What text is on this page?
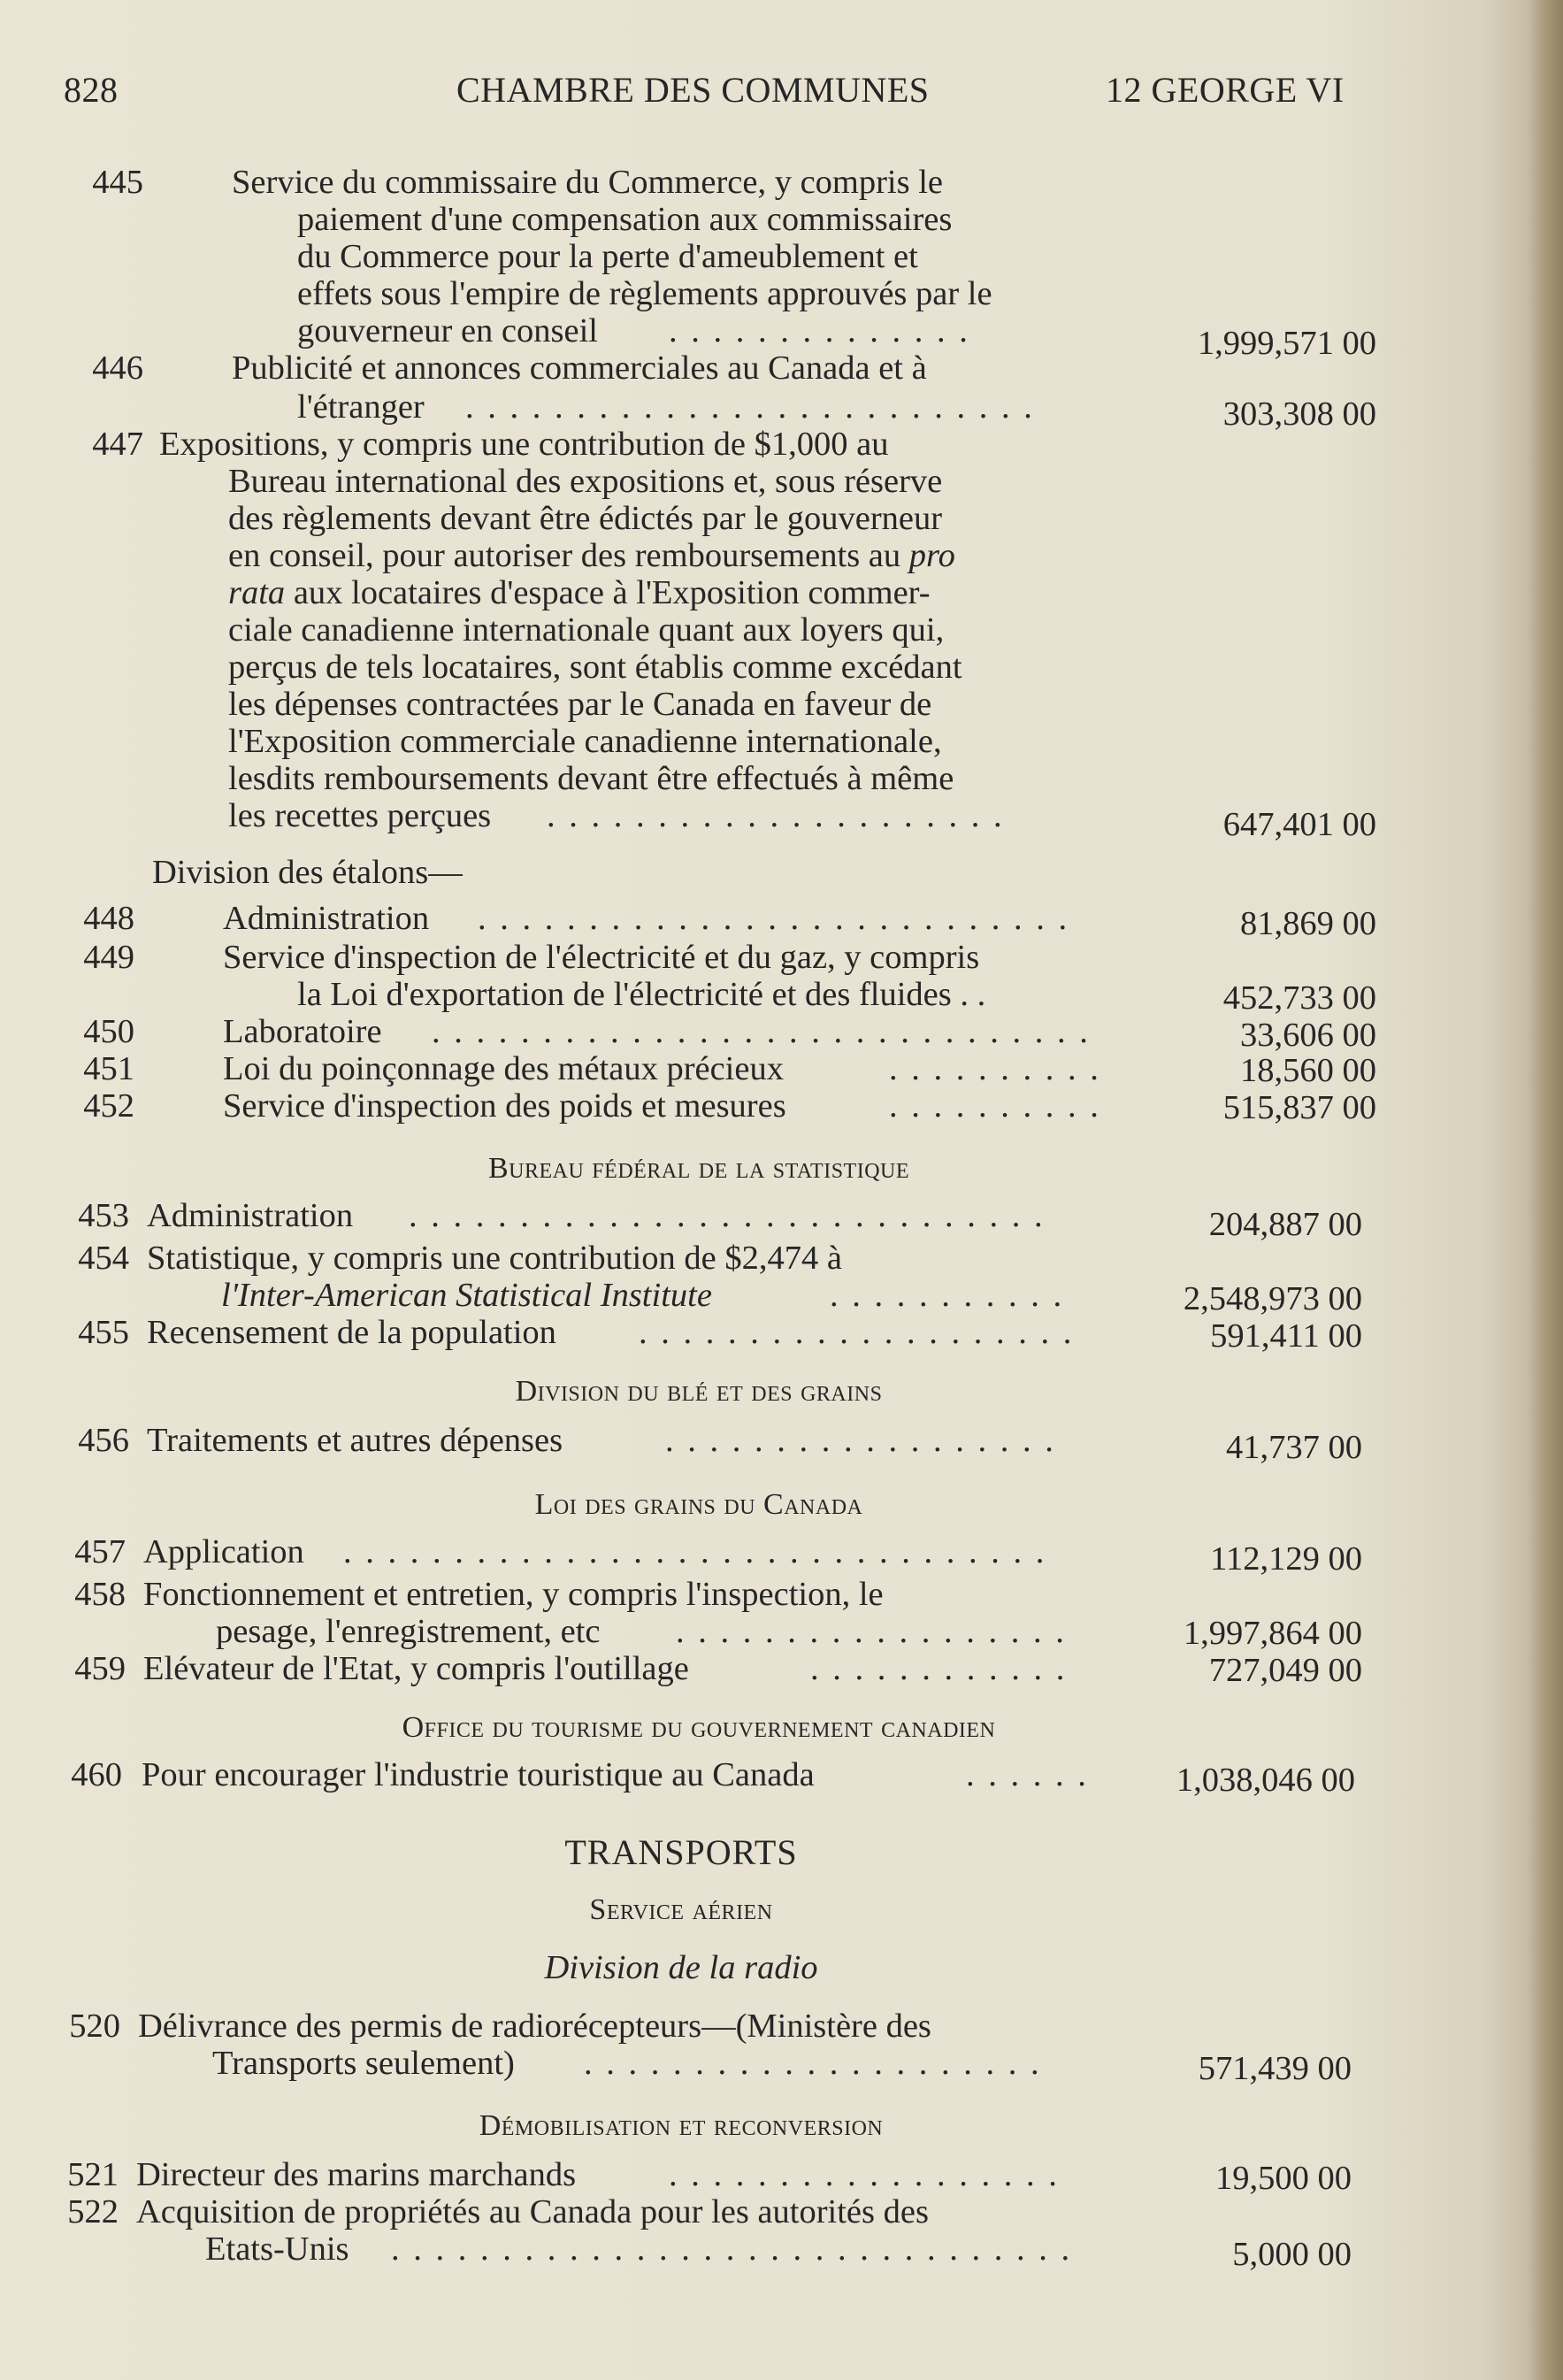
828	CHAMBRE DES COMMUNES	12 GEORGE VI
445	Service du commissaire du Commerce, y compris le
paiement d'une compensation aux commissaires
du Commerce pour la perte d'ameublement et
effets sous l'empire de règlements approuvés par le
gouverneur en conseil . . . . . . . . . . . . . .	1,999,571 00
446	Publicité et annonces commerciales au Canada et à
l'étranger . . . . . . . . . . . . . . . . . . . . . . . . . .	303,308 00
447 Expositions, y compris une contribution de $1,000 au
Bureau international des expositions et, sous réserve
des règlements devant être édictés par le gouverneur
en conseil, pour autoriser des remboursements au pro
rata aux locataires d'espace à l'Exposition commer-
ciale canadienne internationale quant aux loyers qui,
perçus de tels locataires, sont établis comme excédant
les dépenses contractées par le Canada en faveur de
l'Exposition commerciale canadienne internationale,
lesdits remboursements devant être effectués à même
les recettes perçues . . . . . . . . . . . . . . . . . . . . .	647,401 00
Division des étalons—
448	Administration . . . . . . . . . . . . . . . . . . . . . . . . . . .	81,869 00
449	Service d'inspection de l'électricité et du gaz, y compris
la Loi d'exportation de l'électricité et des fluides . .	452,733 00
450	Laboratoire . . . . . . . . . . . . . . . . . . . . . . . . . . . . . .	33,606 00
451	Loi du poinçonnage des métaux précieux	. . . . . . . . . .	18,560 00
452	Service d'inspection des poids et mesures	. . . . . . . . . .	515,837 00
Bureau fédéral de la statistique
453 Administration . . . . . . . . . . . . . . . . . . . . . . . . . . . . .	204,887 00
454 Statistique, y compris une contribution de $2,474 à
l'Inter-American Statistical Institute	. . . . . . . . . . .	2,548,973 00
455 Recensement de la population . . . . . . . . . . . . . . . . . . . .	591,411 00
Division du blé et des grains
456 Traitements et autres dépenses	. . . . . . . . . . . . . . . . . .	41,737 00
Loi des grains du Canada
457 Application . . . . . . . . . . . . . . . . . . . . . . . . . . . . . . . .	112,129 00
458 Fonctionnement et entretien, y compris l'inspection, le
pesage, l'enregistrement, etc . . . . . . . . . . . . . . . . . .	1,997,864 00
459 Elévateur de l'Etat, y compris l'outillage	. . . . . . . . . . . .	727,049 00
Office du tourisme du gouvernement canadien
460 Pour encourager l'industrie touristique au Canada	. . . . . .	1,038,046 00
TRANSPORTS
Service aérien
Division de la radio
520 Délivrance des permis de radiorécepteurs—(Ministère des
Transports seulement) . . . . . . . . . . . . . . . . . . . . .	571,439 00
Démobilisation et reconversion
521 Directeur des marins marchands	. . . . . . . . . . . . . . . . . .	19,500 00
522 Acquisition de propriétés au Canada pour les autorités des
Etats-Unis . . . . . . . . . . . . . . . . . . . . . . . . . . . . . . .	5,000 00
